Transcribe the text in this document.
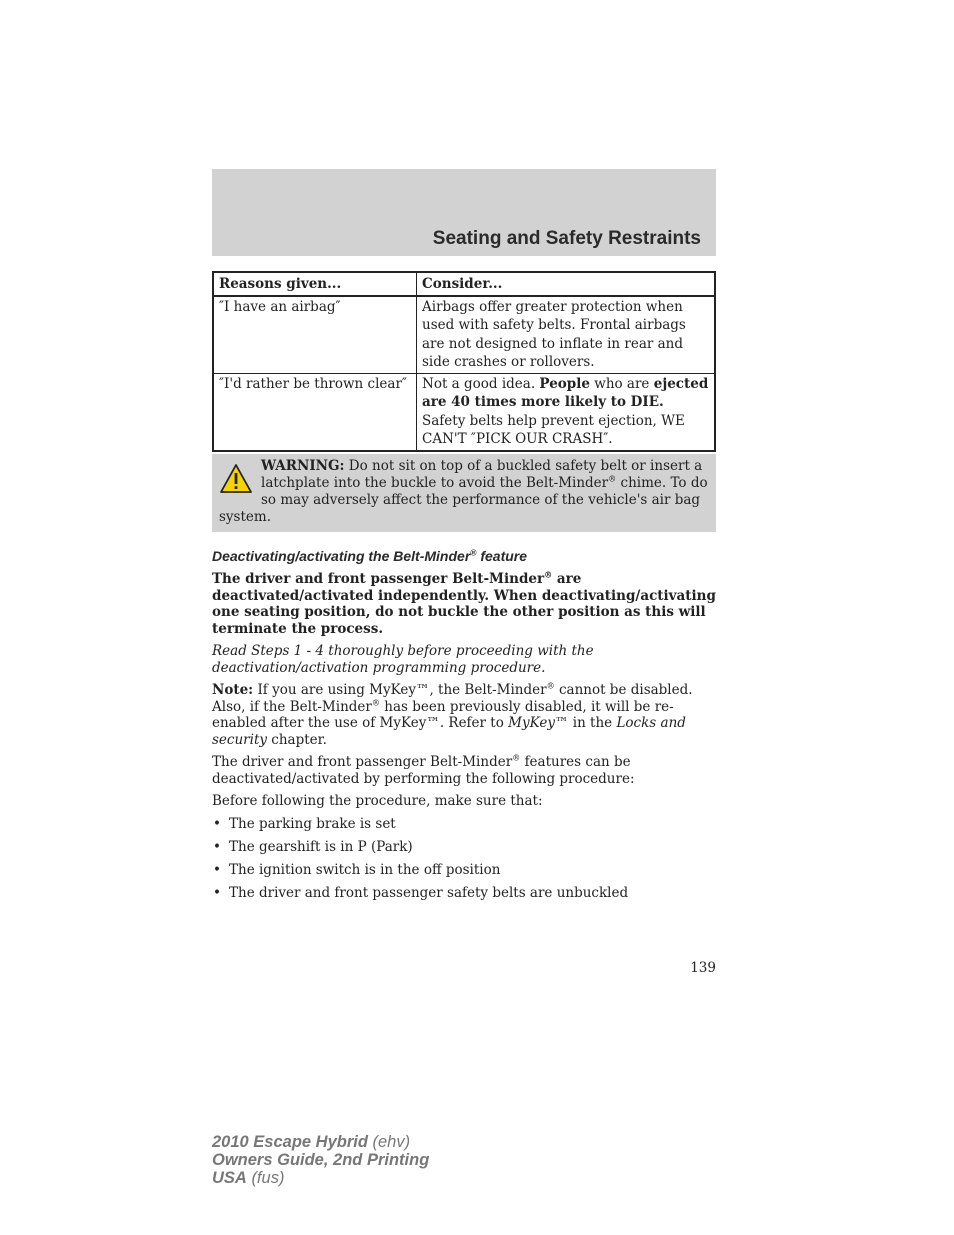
Seating and Safety Restraints
Reasons given...	Consider...
″I have an airbag″	Airbags offer greater protection when used with safety belts. Frontal airbags are not designed to inflate in rear and side crashes or rollovers.
″I'd rather be thrown clear″	Not a good idea. People who are ejected are 40 times more likely to DIE. Safety belts help prevent ejection, WE CAN'T ″PICK OUR CRASH″.
WARNING: Do not sit on top of a buckled safety belt or insert a latchplate into the buckle to avoid the Belt-Minder® chime. To do so may adversely affect the performance of the vehicle's air bag system.
Deactivating/activating the Belt-Minder® feature

The driver and front passenger Belt-Minder® are deactivated/activated independently. When deactivating/activating one seating position, do not buckle the other position as this will terminate the process.

Read Steps 1 - 4 thoroughly before proceeding with the deactivation/activation programming procedure.

Note: If you are using MyKey™, the Belt-Minder® cannot be disabled. Also, if the Belt-Minder® has been previously disabled, it will be re-enabled after the use of MyKey™. Refer to MyKey™ in the Locks and security chapter.

The driver and front passenger Belt-Minder® features can be deactivated/activated by performing the following procedure:

Before following the procedure, make sure that:

• The parking brake is set
• The gearshift is in P (Park)
• The ignition switch is in the off position
• The driver and front passenger safety belts are unbuckled
139
2010 Escape Hybrid (ehv)
Owners Guide, 2nd Printing
USA (fus)
